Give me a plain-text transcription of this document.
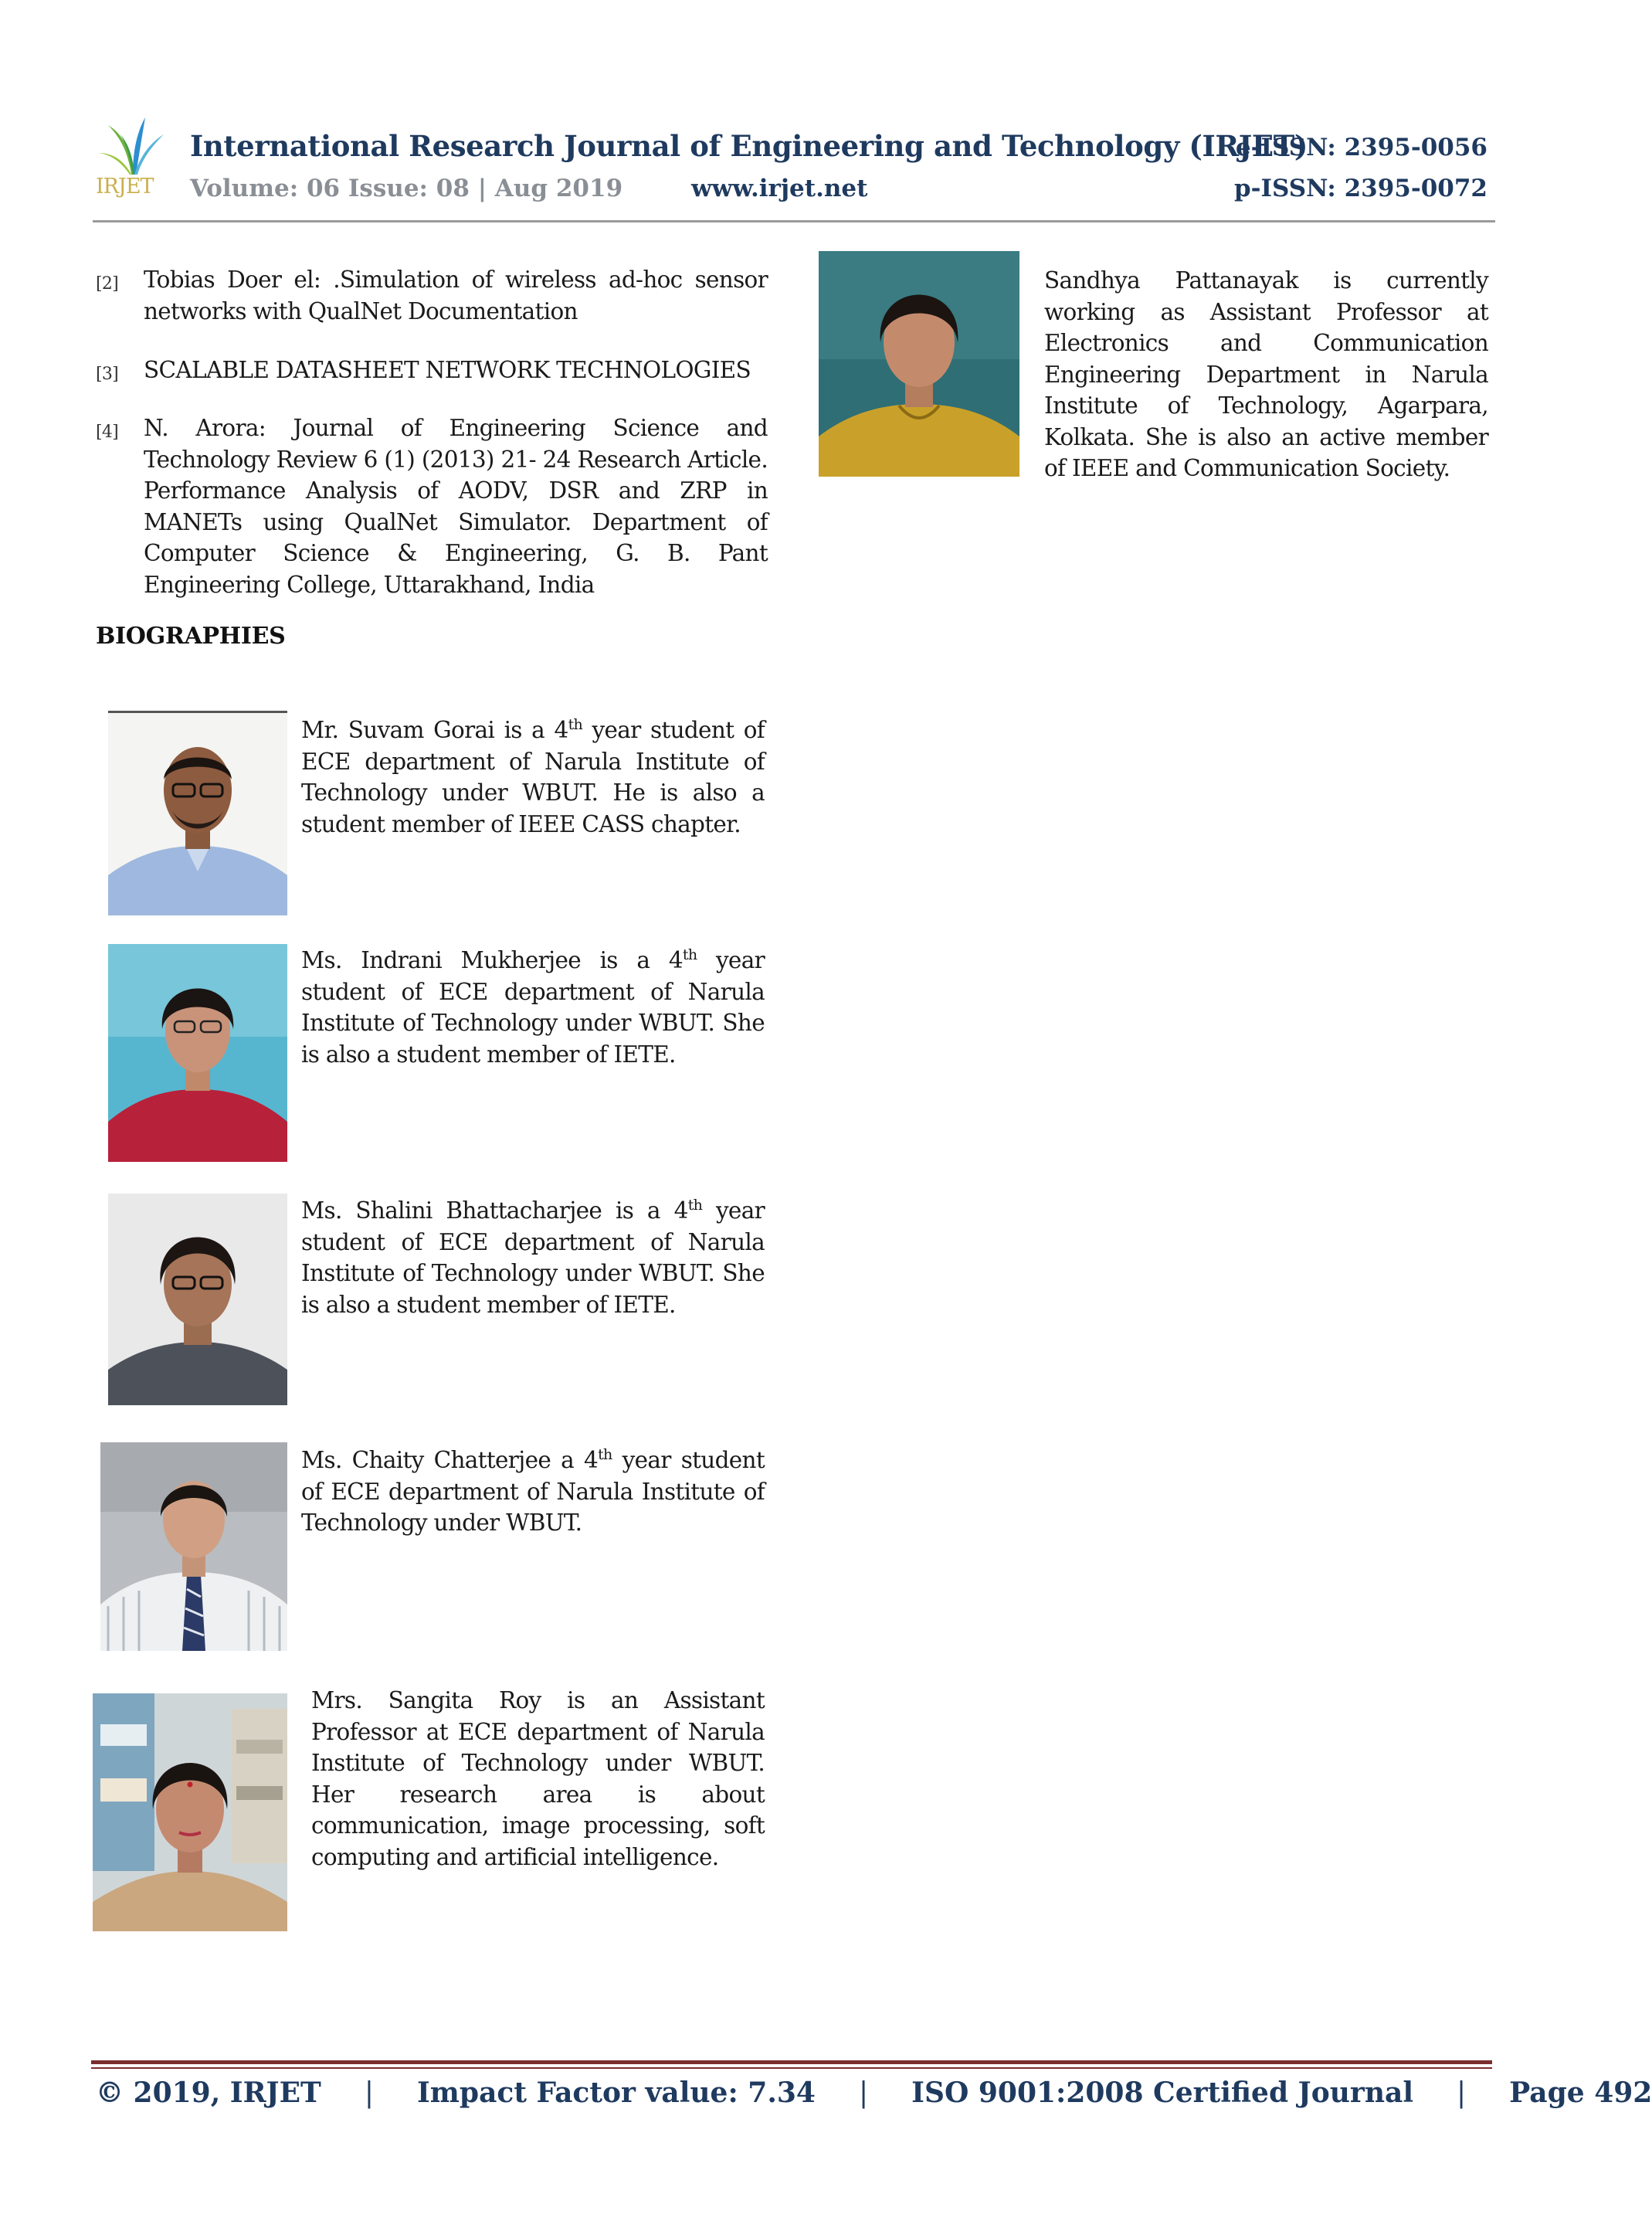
IRJET
International Research Journal of Engineering and Technology (IRJET)
e-ISSN: 2395-0056
Volume: 06 Issue: 08 | Aug 2019	www.irjet.net	p-ISSN: 2395-0072
[2] Tobias Doer el: .Simulation of wireless ad-hoc sensor networks with QualNet Documentation
[3] SCALABLE DATASHEET NETWORK TECHNOLOGIES
[4] N. Arora: Journal of Engineering Science and Technology Review 6 (1) (2013) 21- 24 Research Article. Performance Analysis of AODV, DSR and ZRP in MANETs using QualNet Simulator. Department of Computer Science & Engineering, G. B. Pant Engineering College, Uttarakhand, India
BIOGRAPHIES
Mr. Suvam Gorai is a 4th year student of ECE department of Narula Institute of Technology under WBUT. He is also a student member of IEEE CASS chapter.
Ms. Indrani Mukherjee is a 4th year student of ECE department of Narula Institute of Technology under WBUT. She is also a student member of IETE.
Ms. Shalini Bhattacharjee is a 4th year student of ECE department of Narula Institute of Technology under WBUT. She is also a student member of IETE.
Ms. Chaity Chatterjee a 4th year student of ECE department of Narula Institute of Technology under WBUT.
Mrs. Sangita Roy is an Assistant Professor at ECE department of Narula Institute of Technology under WBUT. Her research area is about communication, image processing, soft computing and artificial intelligence.
Sandhya Pattanayak is currently working as Assistant Professor at Electronics and Communication Engineering Department in Narula Institute of Technology, Agarpara, Kolkata. She is also an active member of IEEE and Communication Society.
© 2019, IRJET | Impact Factor value: 7.34 | ISO 9001:2008 Certified Journal | Page 492
